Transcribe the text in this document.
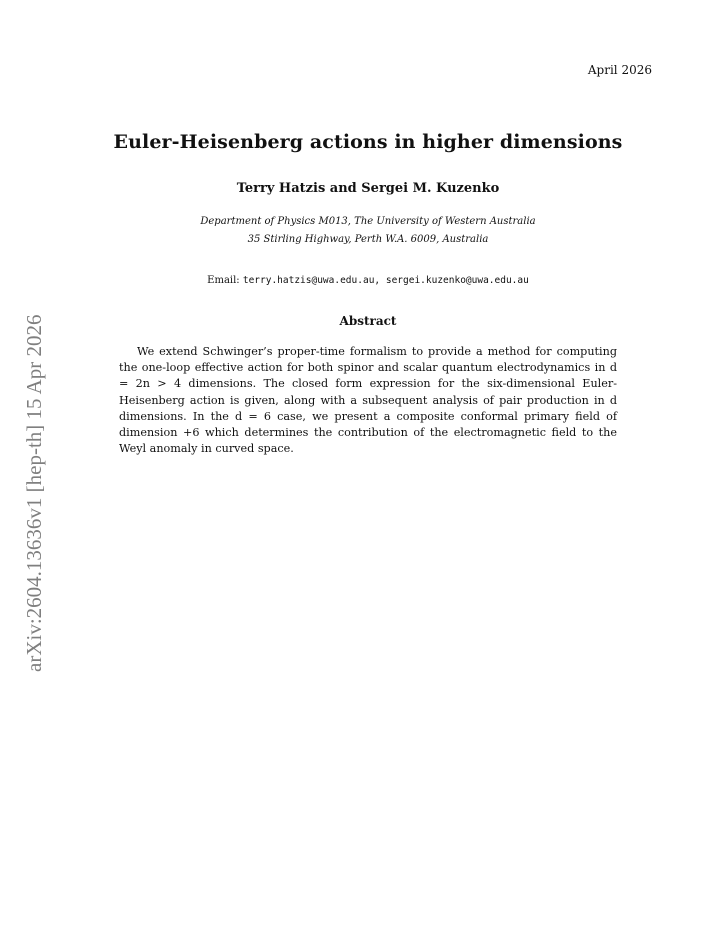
April 2026
Euler-Heisenberg actions in higher dimensions
Terry Hatzis and Sergei M. Kuzenko
Department of Physics M013, The University of Western Australia
35 Stirling Highway, Perth W.A. 6009, Australia
Email: terry.hatzis@uwa.edu.au, sergei.kuzenko@uwa.edu.au
Abstract
We extend Schwinger’s proper-time formalism to provide a method for computing the one-loop effective action for both spinor and scalar quantum electrodynamics in d = 2n > 4 dimensions. The closed form expression for the six-dimensional Euler-Heisenberg action is given, along with a subsequent analysis of pair production in d dimensions. In the d = 6 case, we present a composite conformal primary field of dimension +6 which determines the contribution of the electromagnetic field to the Weyl anomaly in curved space.
arXiv:2604.13636v1 [hep-th] 15 Apr 2026
